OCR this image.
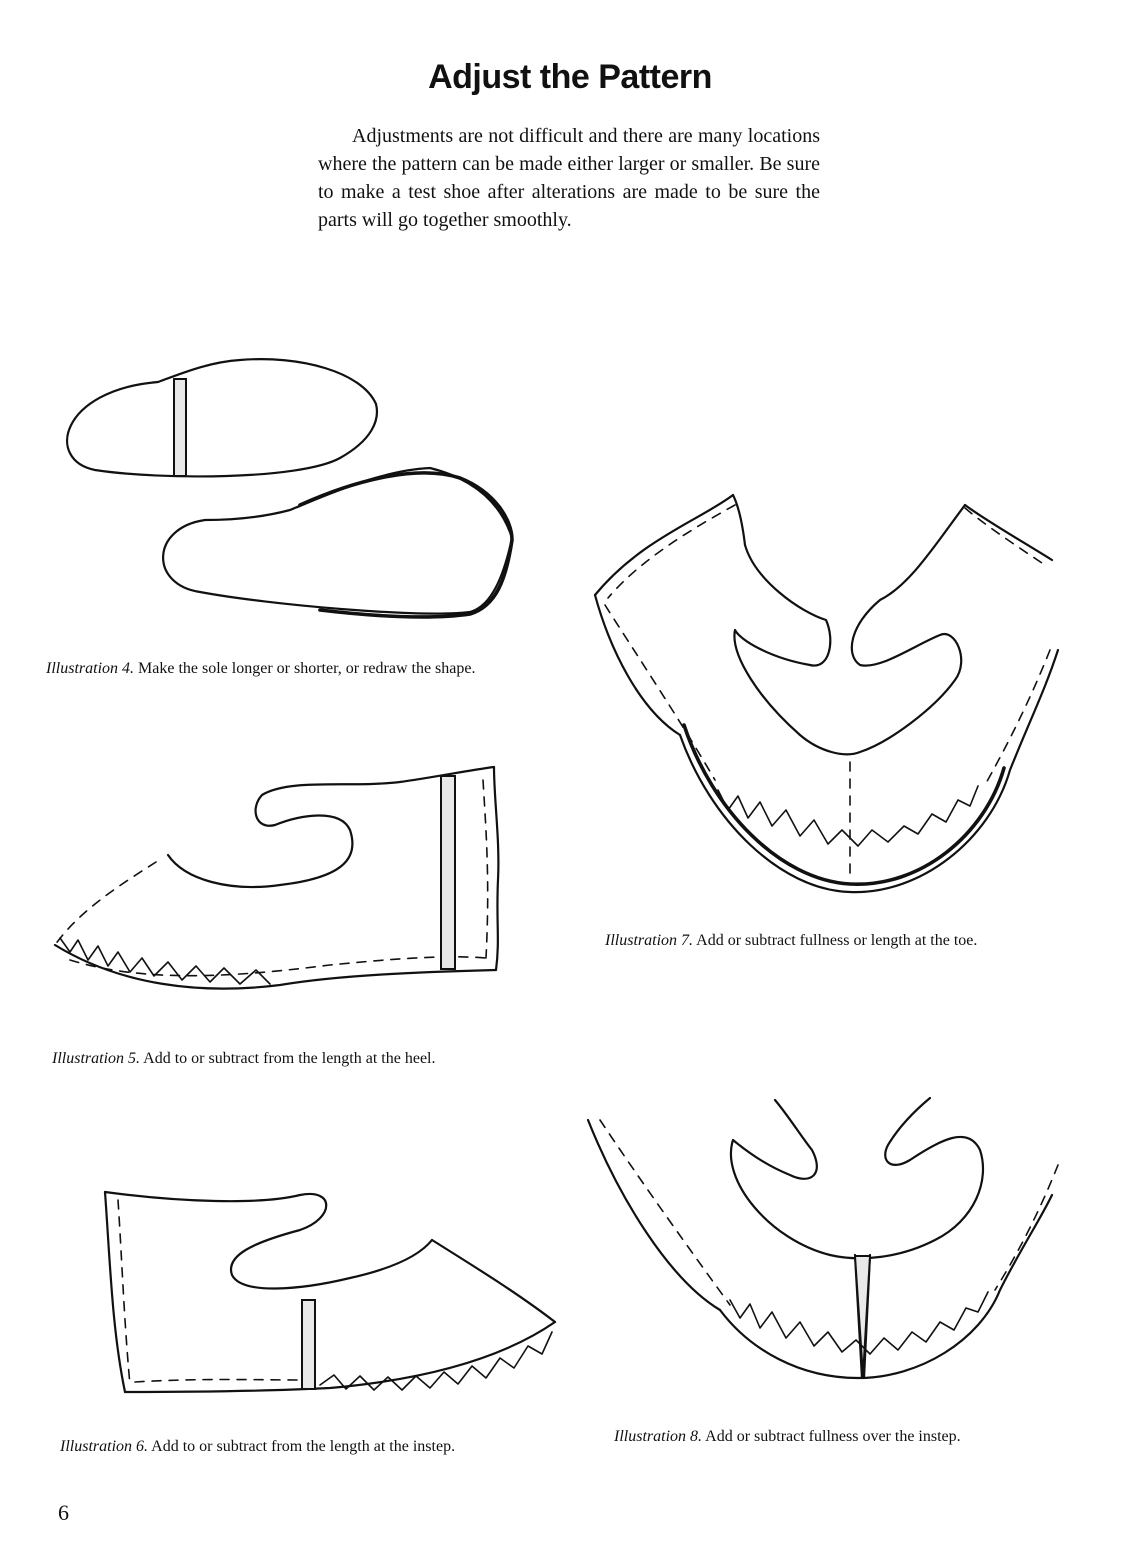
Adjust the Pattern

Adjustments are not difficult and there are many locations where the pattern can be made either larger or smaller. Be sure to make a test shoe after alterations are made to be sure the parts will go together smoothly.

Illustration 4. Make the sole longer or shorter, or redraw the shape.
Illustration 5. Add to or subtract from the length at the heel.
Illustration 6. Add to or subtract from the length at the instep.
Illustration 7. Add or subtract fullness or length at the toe.
Illustration 8. Add or subtract fullness over the instep.
6
